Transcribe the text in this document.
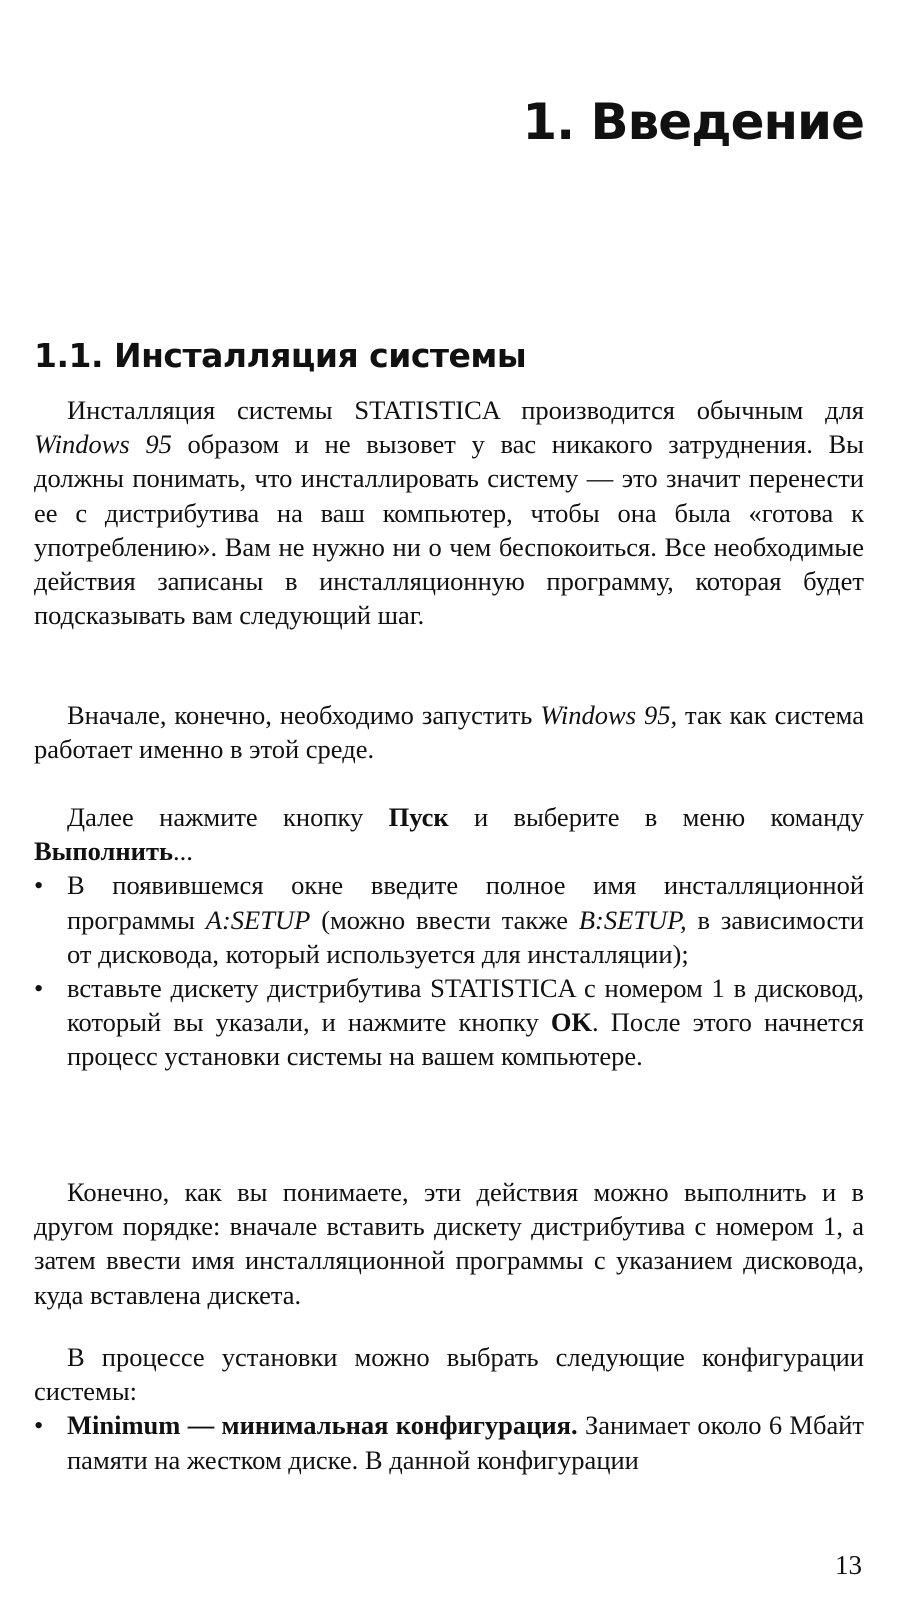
1. Введение
1.1. Инсталляция системы

Инсталляция системы STATISTICA производится обычным для Windows 95 образом и не вызовет у вас никакого затруднения. Вы должны понимать, что инсталлировать систему — это значит перенести ее с дистрибутива на ваш компьютер, чтобы она была «готова к употреблению». Вам не нужно ни о чем беспокоиться. Все необходимые действия записаны в инсталляционную программу, которая будет подсказывать вам следующий шаг.

Вначале, конечно, необходимо запустить Windows 95, так как система работает именно в этой среде.

Далее нажмите кнопку Пуск и выберите в меню команду Выполнить...

• В появившемся окне введите полное имя инсталляционной программы A:SETUP (можно ввести также B:SETUP, в зависимости от дисковода, который используется для инсталляции);
• вставьте дискету дистрибутива STATISTICA с номером 1 в дисковод, который вы указали, и нажмите кнопку OK. После этого начнется процесс установки системы на вашем компьютере.

Конечно, как вы понимаете, эти действия можно выполнить и в другом порядке: вначале вставить дискету дистрибутива с номером 1, а затем ввести имя инсталляционной программы с указанием дисковода, куда вставлена дискета.

В процессе установки можно выбрать следующие конфигурации системы:

• Minimum — минимальная конфигурация. Занимает около 6 Мбайт памяти на жестком диске. В данной конфигурации

13
